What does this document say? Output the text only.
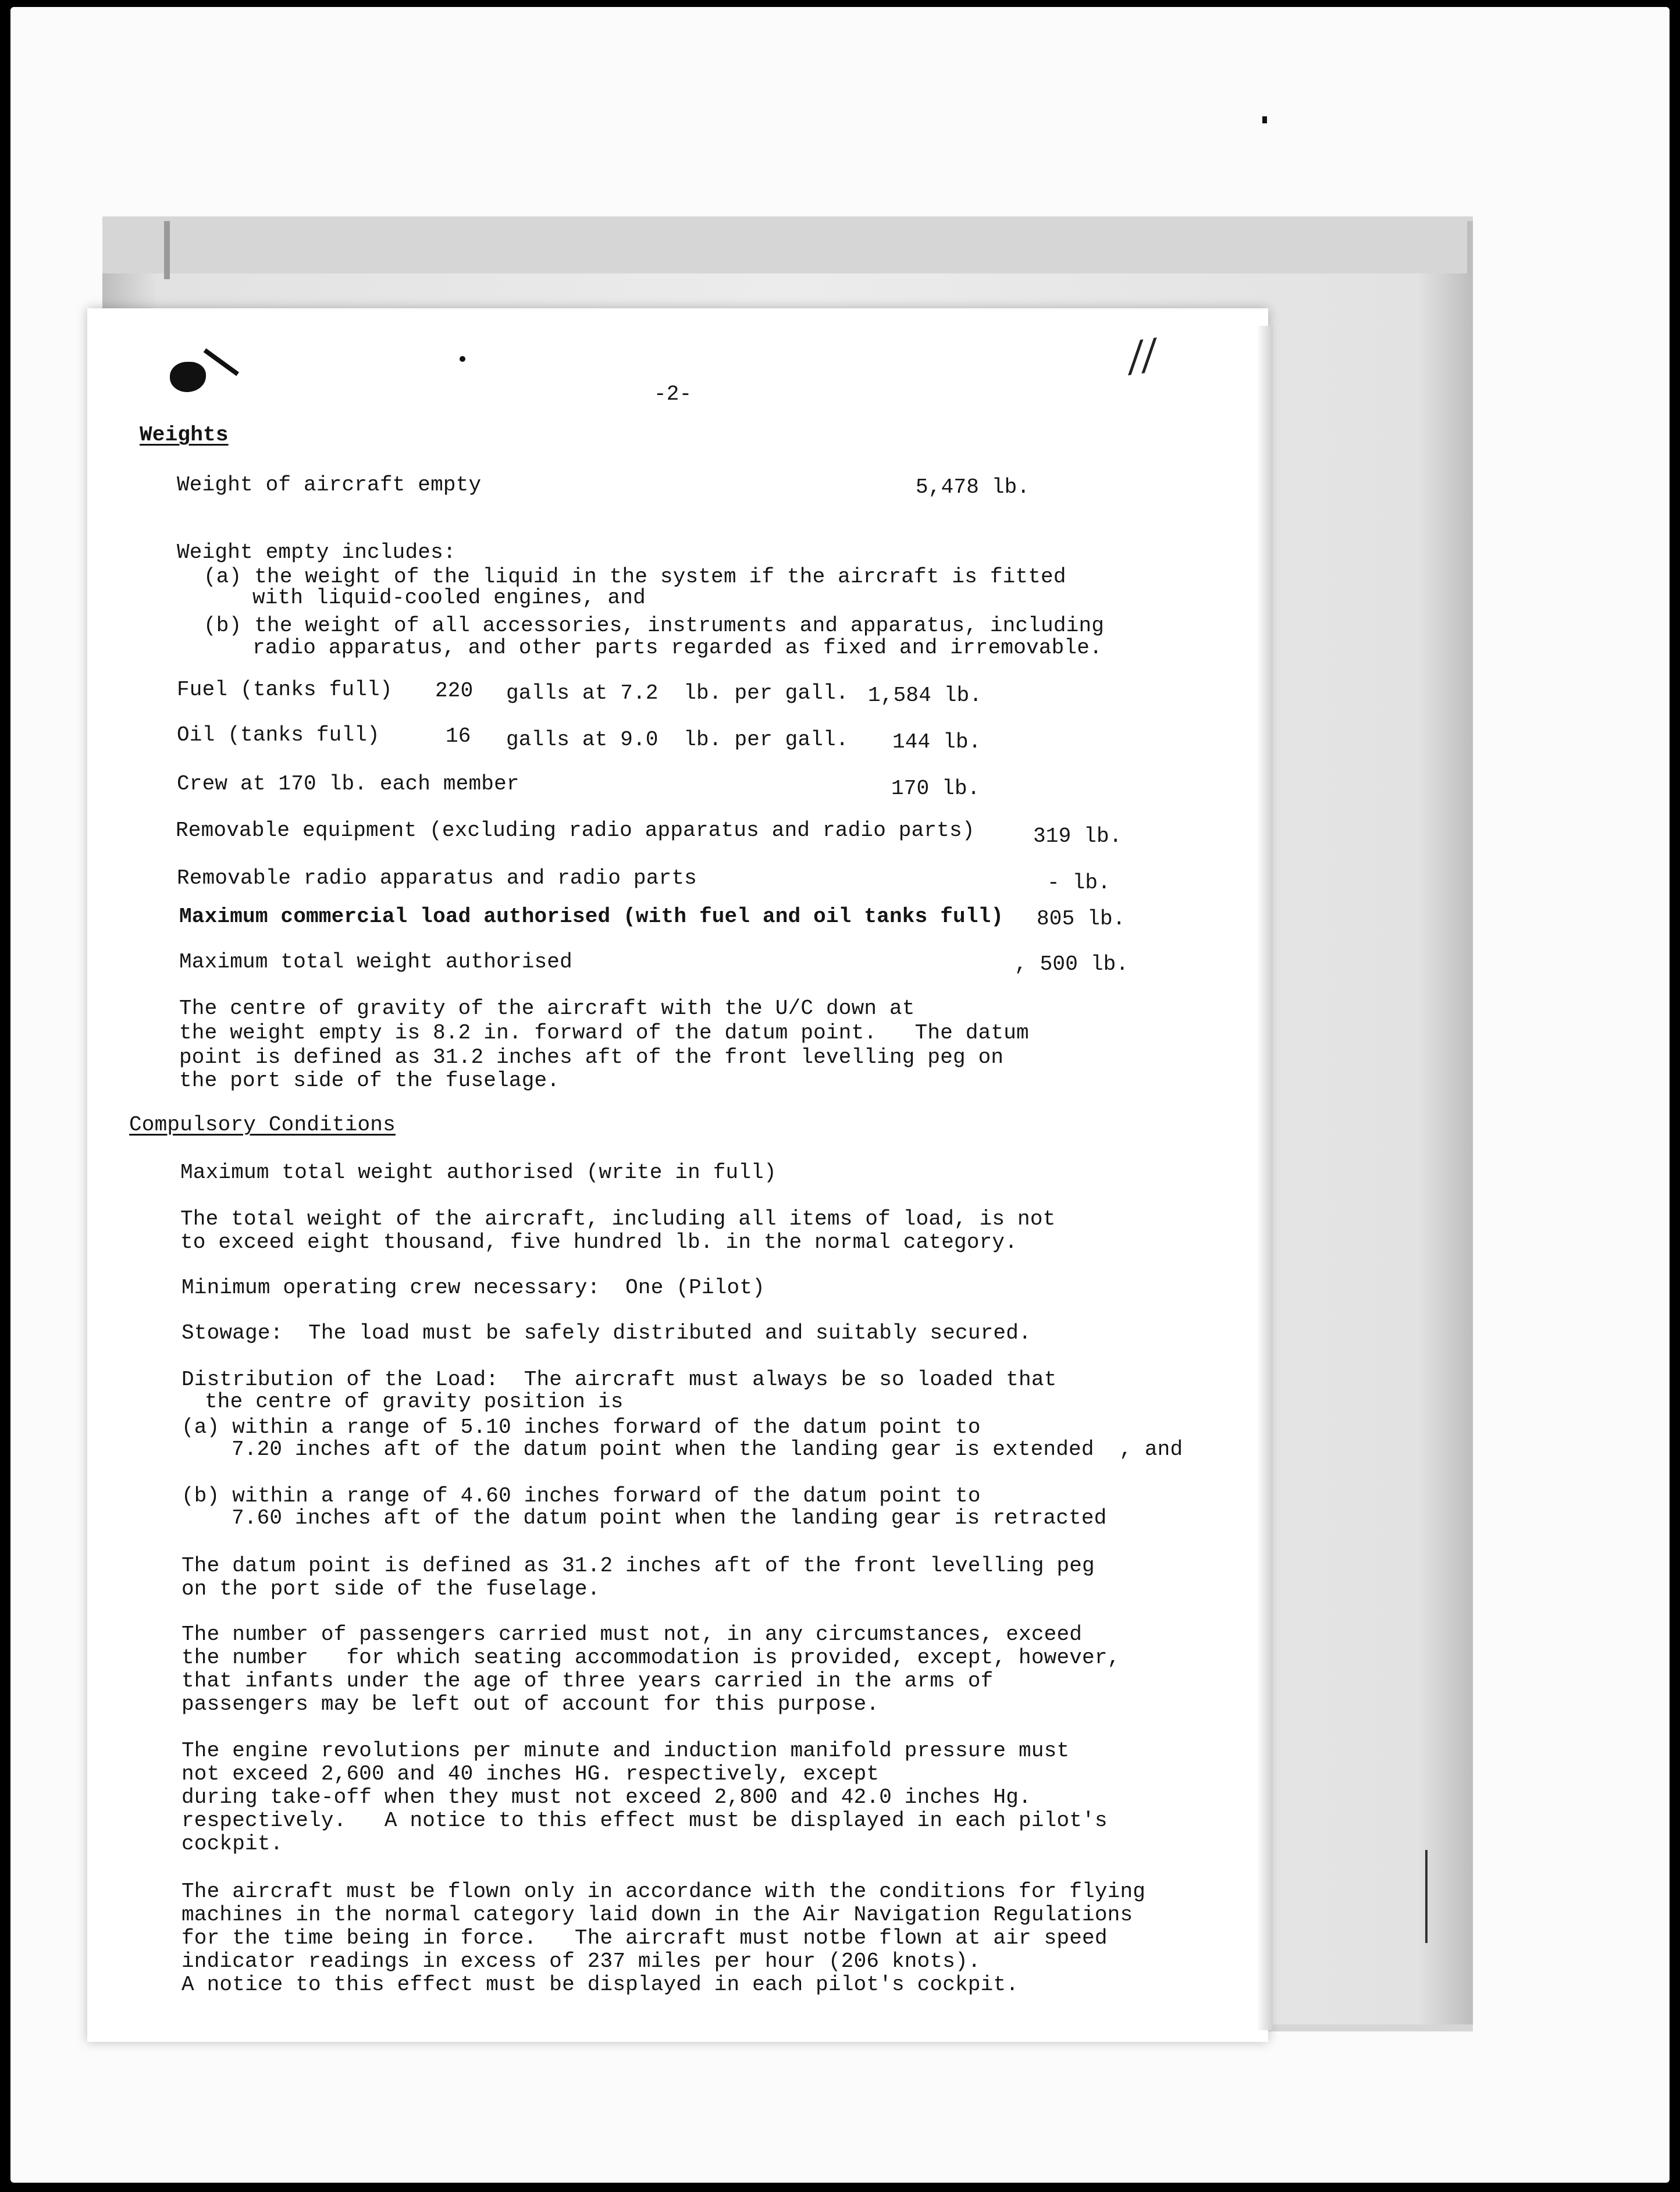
//
-2-
Weights
Weight of aircraft empty	5,478 lb.
Weight empty includes:
(a) the weight of the liquid in the system if the aircraft is fitted
with liquid-cooled engines, and
(b) the weight of all accessories, instruments and apparatus, including
radio apparatus, and other parts regarded as fixed and irremovable.
Fuel (tanks full) 220 galls at 7.2  lb. per gall. 1,584 lb.
Oil (tanks full)	16 galls at 9.0  lb. per gall. 144 lb.
Crew at 170 lb. each member	170 lb.
Removable equipment (excluding radio apparatus and radio parts)	319 lb.
Removable radio apparatus and radio parts	- lb.
Maximum commercial load authorised (with fuel and oil tanks full) 805 lb.
Maximum total weight authorised	, 500 lb.
The centre of gravity of the aircraft with the U/C down at
the weight empty is 8.2 in. forward of the datum point.   The datum
point is defined as 31.2 inches aft of the front levelling peg on
the port side of the fuselage.
Compulsory Conditions
Maximum total weight authorised (write in full)
The total weight of the aircraft, including all items of load, is not
to exceed eight thousand, five hundred lb. in the normal category.
Minimum operating crew necessary:  One (Pilot)
Stowage:  The load must be safely distributed and suitably secured.
Distribution of the Load:  The aircraft must always be so loaded that
the centre of gravity position is
(a) within a range of 5.10 inches forward of the datum point to
7.20 inches aft of the datum point when the landing gear is extended  , and
(b) within a range of 4.60 inches forward of the datum point to
7.60 inches aft of the datum point when the landing gear is retracted
The datum point is defined as 31.2 inches aft of the front levelling peg
on the port side of the fuselage.
The number of passengers carried must not, in any circumstances, exceed
the number   for which seating accommodation is provided, except, however,
that infants under the age of three years carried in the arms of
passengers may be left out of account for this purpose.
The engine revolutions per minute and induction manifold pressure must
not exceed 2,600 and 40 inches HG. respectively, except
during take-off when they must not exceed 2,800 and 42.0 inches Hg.
respectively.   A notice to this effect must be displayed in each pilot's
cockpit.
The aircraft must be flown only in accordance with the conditions for flying
machines in the normal category laid down in the Air Navigation Regulations
for the time being in force.   The aircraft must notbe flown at air speed
indicator readings in excess of 237 miles per hour (206 knots).
A notice to this effect must be displayed in each pilot's cockpit.
